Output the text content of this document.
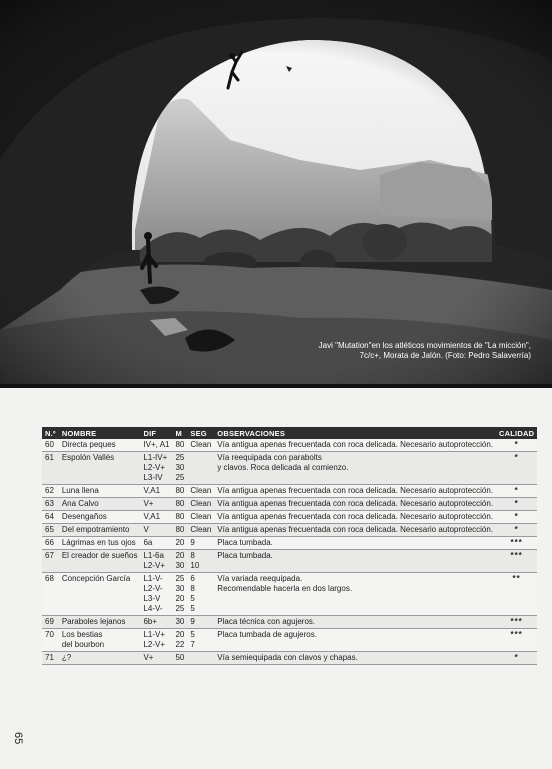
Javi "Mutation"en los atléticos movimientos de "La micción",
7c/c+, Morata de Jalón. (Foto: Pedro Salaverría)
N.º	NOMBRE	DIF	M	SEG	OBSERVACIONES	CALIDAD
60	Directa peques	IV+, A1	80	Clean	Vía antigua apenas frecuentada con roca delicada. Necesario autoprotección.	*
61	Espolón Vallés	L1-IV+
L2-V+
L3-IV	25
30
25		Vía reequipada con parabolts
y clavos. Roca delicada al comienzo.	*
62	Luna llena	V,A1	80	Clean	Vía antigua apenas frecuentada con roca delicada. Necesario autoprotección.	*
63	Ana Calvo	V+	80	Clean	Vía antigua apenas frecuentada con roca delicada. Necesario autoprotección.	*
64	Desengaños	V,A1	80	Clean	Vía antigua apenas frecuentada con roca delicada. Necesario autoprotección.	*
65	Del empotramiento	V	80	Clean	Vía antigua apenas frecuentada con roca delicada. Necesario autoprotección.	*
66	Lágrimas en tus ojos	6a	20	9	Placa tumbada.	***
67	El creador de sueños	L1-6a
L2-V+	20
30	8
10	Placa tumbada.	***
68	Concepción García	L1-V-
L2-V-
L3-V
L4-V-	25
30
20
25	6
8
5
5	Vía variada reequipada.
Recomendable hacerla en dos largos.	**
69	Paraboles lejanos	6b+	30	9	Placa técnica con agujeros.	***
70	Los bestias
del bourbon	L1-V+
L2-V+	20
22	5
7	Placa tumbada de agujeros.	***
71	¿?	V+	50		Vía semiequipada con clavos y chapas.	*
65
